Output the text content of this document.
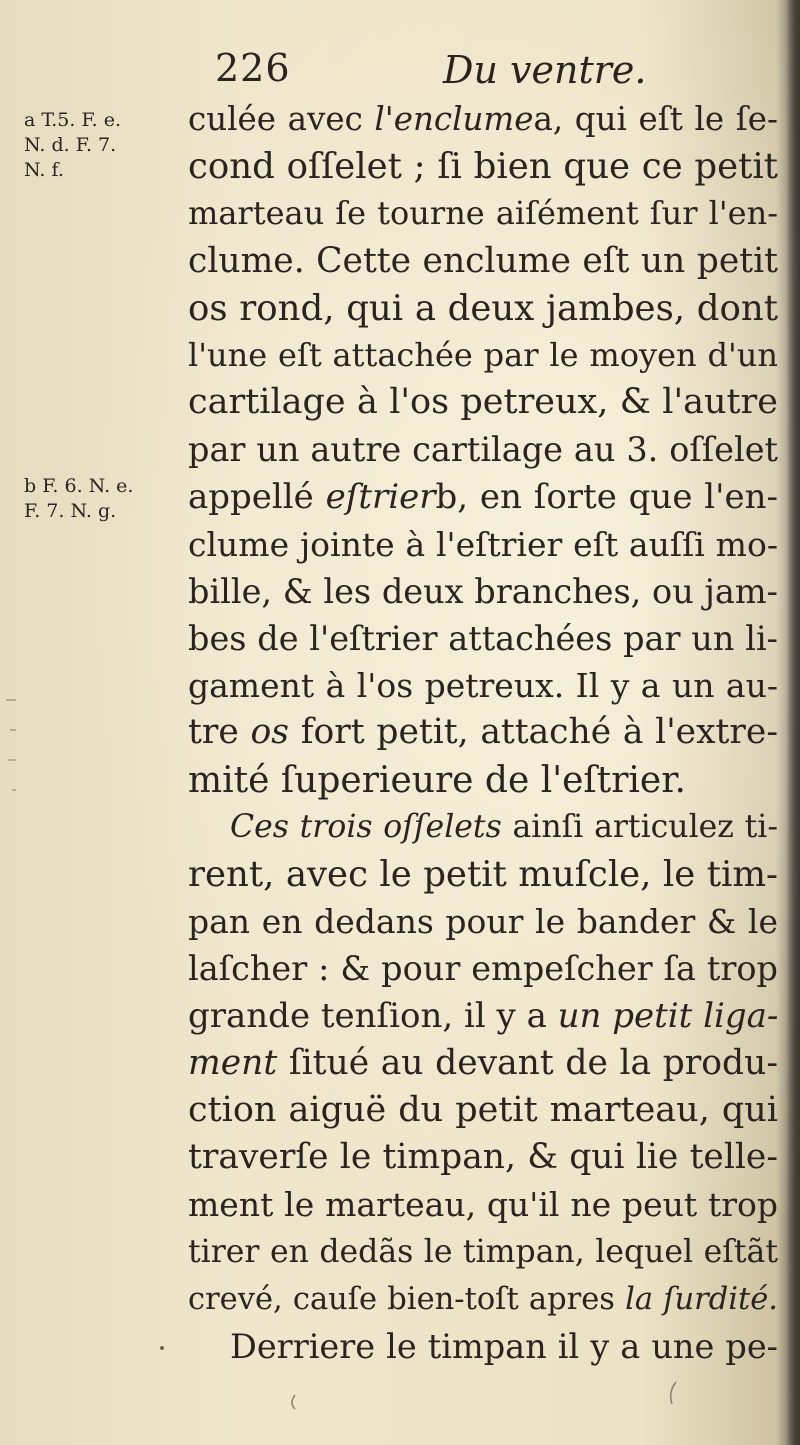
226	Du ventre.
a T.5. F. e.
N. d. F. 7.
N. f.
b F. 6. N. e.
F. 7. N. g.
culée avec l'enclumea, qui eſt le ſe-
cond oſſelet ; ſi bien que ce petit
marteau ſe tourne aiſément ſur l'en-
clume. Cette enclume eſt un petit
os rond, qui a deux jambes, dont
l'une eſt attachée par le moyen d'un
cartilage à l'os petreux, & l'autre
par un autre cartilage au 3. oſſelet
appellé eſtrierb, en ſorte que l'en-
clume jointe à l'eſtrier eſt auſſi mo-
bille, & les deux branches, ou jam-
bes de l'eſtrier attachées par un li-
gament à l'os petreux. Il y a un au-
tre os fort petit, attaché à l'extre-
mité ſuperieure de l'eſtrier.
Ces trois oſſelets ainſi articulez ti-
rent, avec le petit muſcle, le tim-
pan en dedans pour le bander & le
laſcher : & pour empeſcher ſa trop
grande tenſion, il y a un petit liga-
ment ſitué au devant de la produ-
ction aiguë du petit marteau, qui
traverſe le timpan, & qui lie telle-
ment le marteau, qu'il ne peut trop
tirer en dedãs le timpan, lequel eſtãt
crevé, cauſe bien-toſt apres la ſurdité.
Derriere le timpan il y a une pe-
